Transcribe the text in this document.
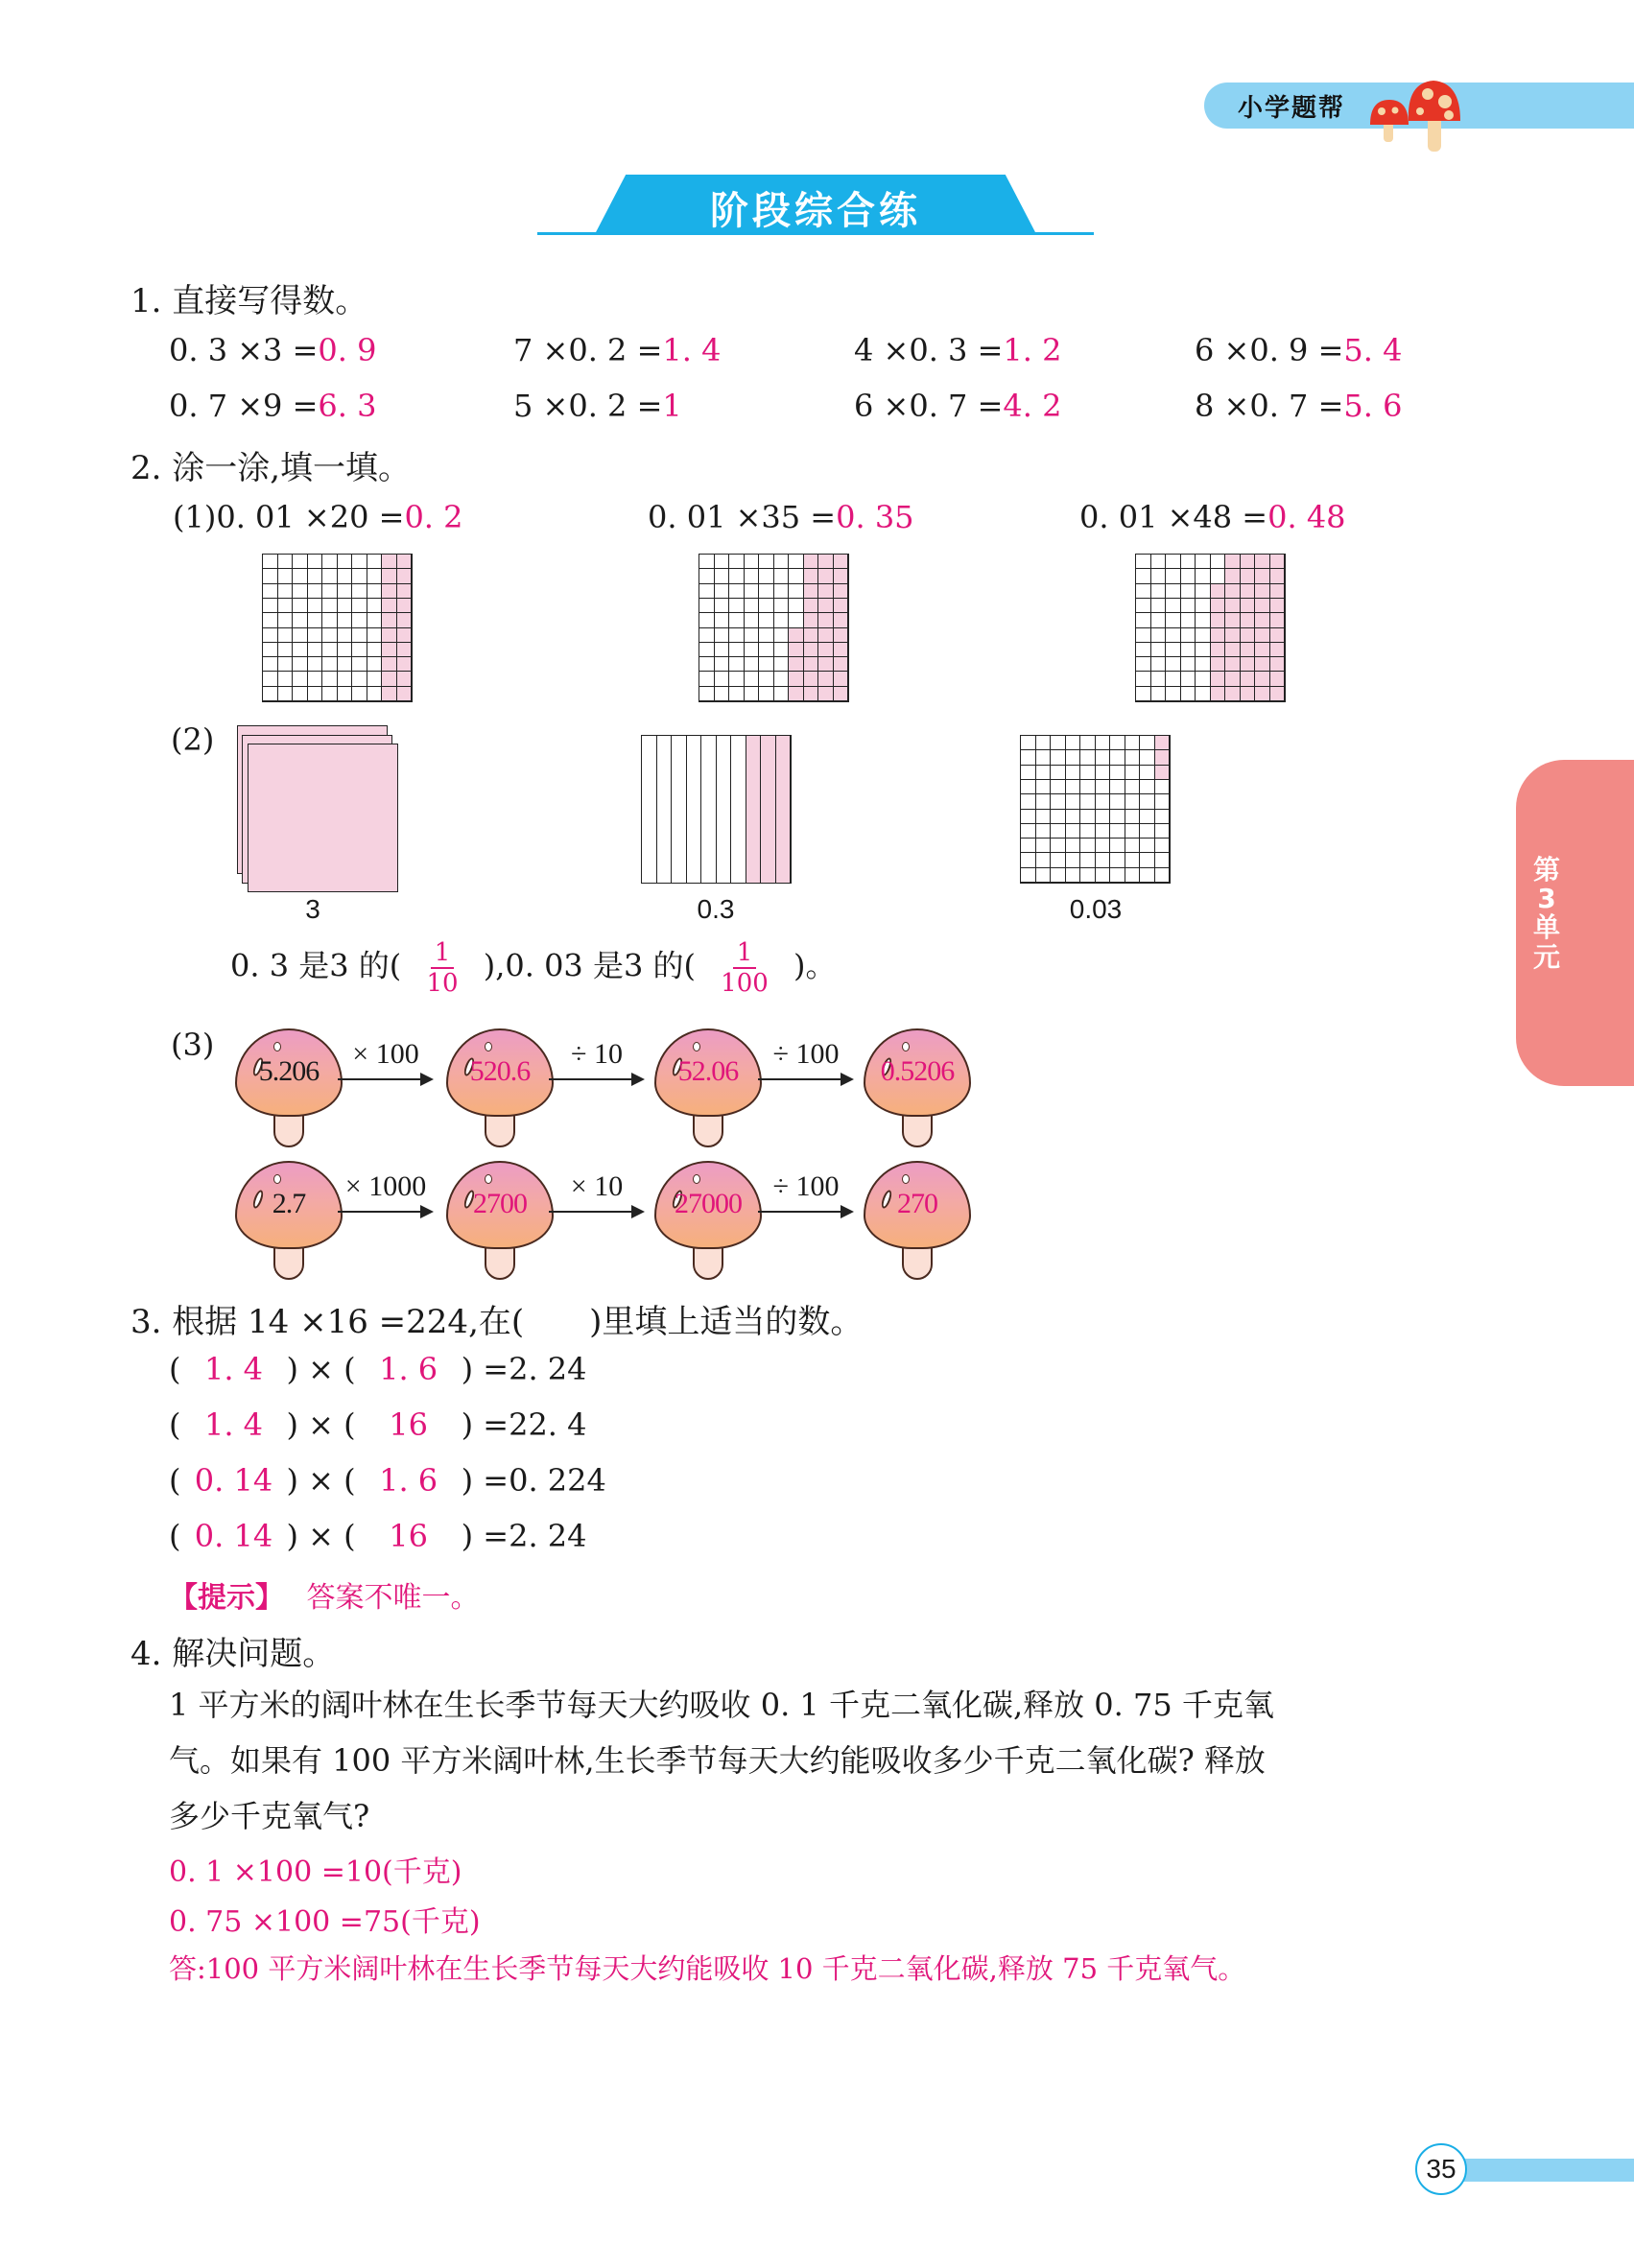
小学题帮
阶段综合练
1. 直接写得数。
0. 3 ×3 =0. 9	7 ×0. 2 =1. 4	4 ×0. 3 =1. 2	6 ×0. 9 =5. 4
0. 7 ×9 =6. 3	5 ×0. 2 =1	6 ×0. 7 =4. 2	8 ×0. 7 =5. 6
2. 涂一涂,填一填。
(1)0. 01 ×20 =0. 2	0. 01 ×35 =0. 35	0. 01 ×48 =0. 48
(2)
3	0.3	0.03
0. 3 是3 的( $\frac{1}{10} ),0$. 03 是3 的( $\frac{1}{100}$ )。
(3)
5.206
× 100
520.6
÷ 10
52.06
÷ 100
0.5206
2.7
× 1000
2700
× 10
27000
÷ 100
270
3. 根据 14 ×16 =224,在(　　)里填上适当的数。
( 1. 4 ) × ( 1. 6 ) =2. 24
( 1. 4 ) × ( 16 ) =22. 4
( 0. 14 ) × ( 1. 6 ) =0. 224
( 0. 14 ) × ( 16 ) =2. 24
【提示】 答案不唯一。
4. 解决问题。
1 平方米的阔叶林在生长季节每天大约吸收 0. 1 千克二氧化碳,释放 0. 75 千克氧
气。如果有 100 平方米阔叶林,生长季节每天大约能吸收多少千克二氧化碳? 释放
多少千克氧气?
0. 1 ×100 =10(千克)
0. 75 ×100 =75(千克)
答:100 平方米阔叶林在生长季节每天大约能吸收 10 千克二氧化碳,释放 75 千克氧气。
第
3
单
元
35
